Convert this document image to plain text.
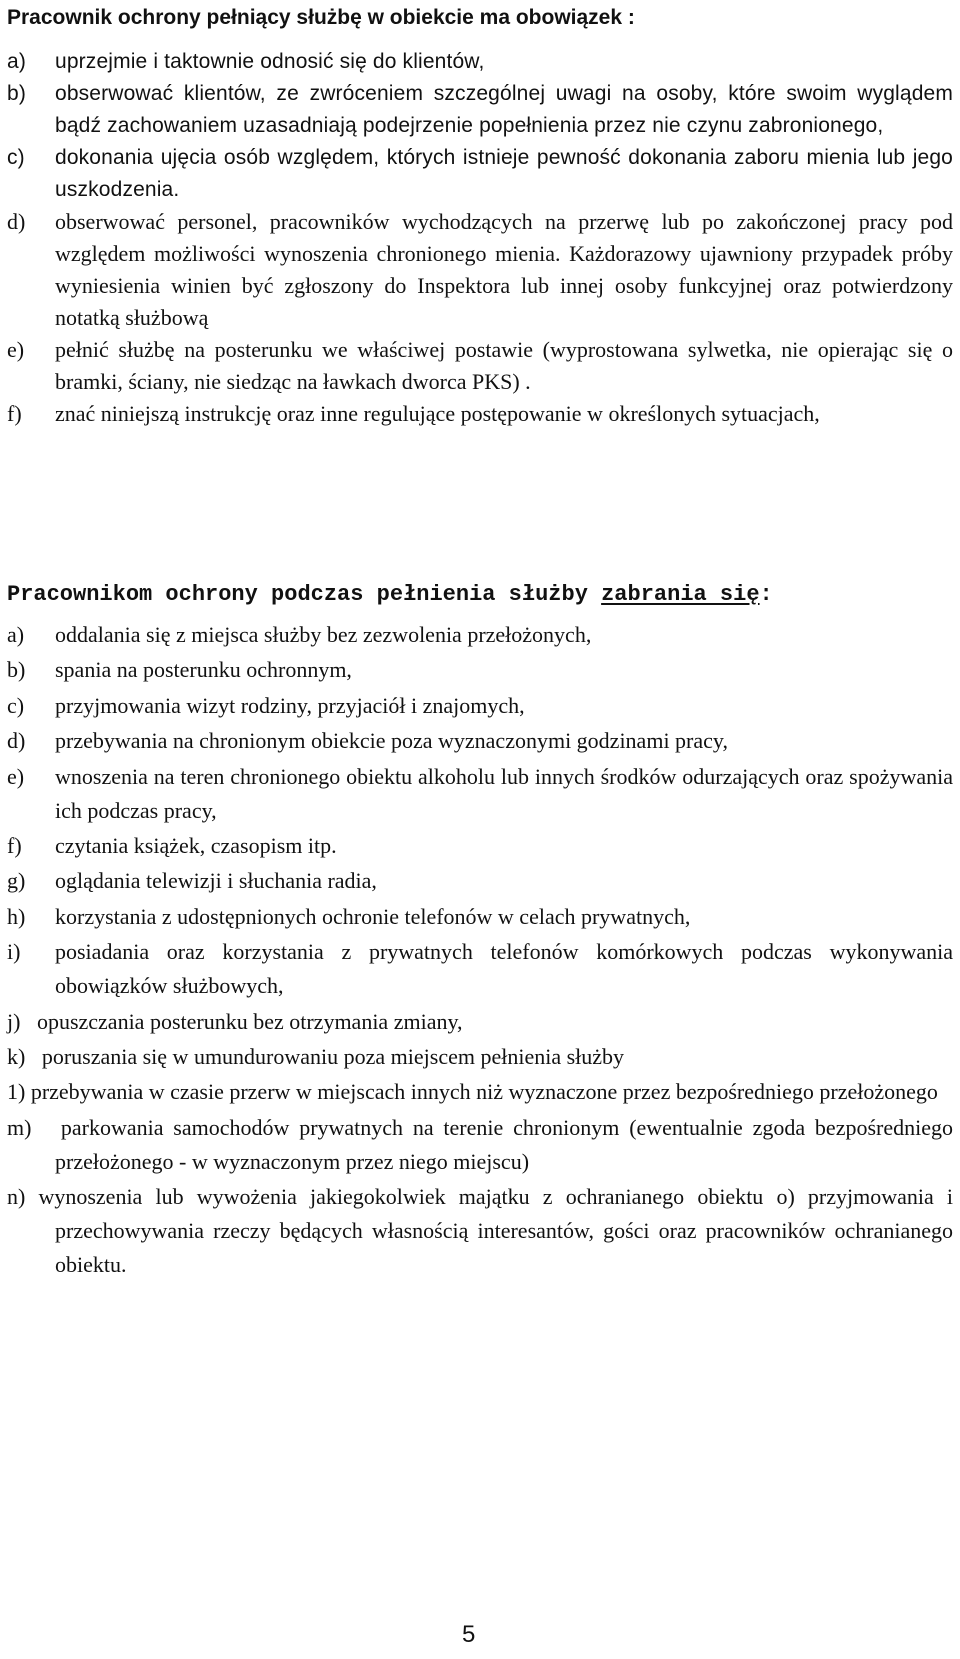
Pracownik ochrony pełniący służbę w obiekcie ma obowiązek :
a) uprzejmie i taktownie odnosić się do klientów,
b) obserwować klientów, ze zwróceniem szczególnej uwagi na osoby, które swoim wyglądem bądź zachowaniem uzasadniają podejrzenie popełnienia przez nie czynu zabronionego,
c) dokonania ujęcia osób względem, których istnieje pewność dokonania zaboru mienia lub jego uszkodzenia.
d) obserwować personel, pracowników wychodzących na przerwę lub po zakończonej pracy pod względem możliwości wynoszenia chronionego mienia. Każdorazowy ujawniony przypadek próby wyniesienia winien być zgłoszony do Inspektora lub innej osoby funkcyjnej oraz potwierdzony notatką służbową
e) pełnić służbę na posterunku we właściwej postawie (wyprostowana sylwetka, nie opierając się o bramki, ściany, nie siedząc na ławkach dworca PKS) .
f) znać niniejszą instrukcję oraz inne regulujące postępowanie w określonych sytuacjach,
Pracownikom ochrony podczas pełnienia służby zabrania się:
a) oddalania się z miejsca służby bez zezwolenia przełożonych,
b) spania na posterunku ochronnym,
c) przyjmowania wizyt rodziny, przyjaciół i znajomych,
d) przebywania na chronionym obiekcie poza wyznaczonymi godzinami pracy,
e) wnoszenia na teren chronionego obiektu alkoholu lub innych środków odurzających oraz spożywania ich podczas pracy,
f) czytania książek, czasopism itp.
g) oglądania telewizji i słuchania radia,
h) korzystania z udostępnionych ochronie telefonów w celach prywatnych,
i) posiadania oraz korzystania z prywatnych telefonów komórkowych podczas wykonywania obowiązków służbowych,
j) opuszczania posterunku bez otrzymania zmiany,
k) poruszania się w umundurowaniu poza miejscem pełnienia służby
1) przebywania w czasie przerw w miejscach innych niż wyznaczone przez bezpośredniego przełożonego
m) parkowania samochodów prywatnych na terenie chronionym (ewentualnie zgoda bezpośredniego przełożonego - w wyznaczonym przez niego miejscu)
n) wynoszenia lub wywożenia jakiegokolwiek majątku z ochranianego obiektu o) przyjmowania i przechowywania rzeczy będących własnością interesantów, gości oraz pracowników ochranianego obiektu.
5
